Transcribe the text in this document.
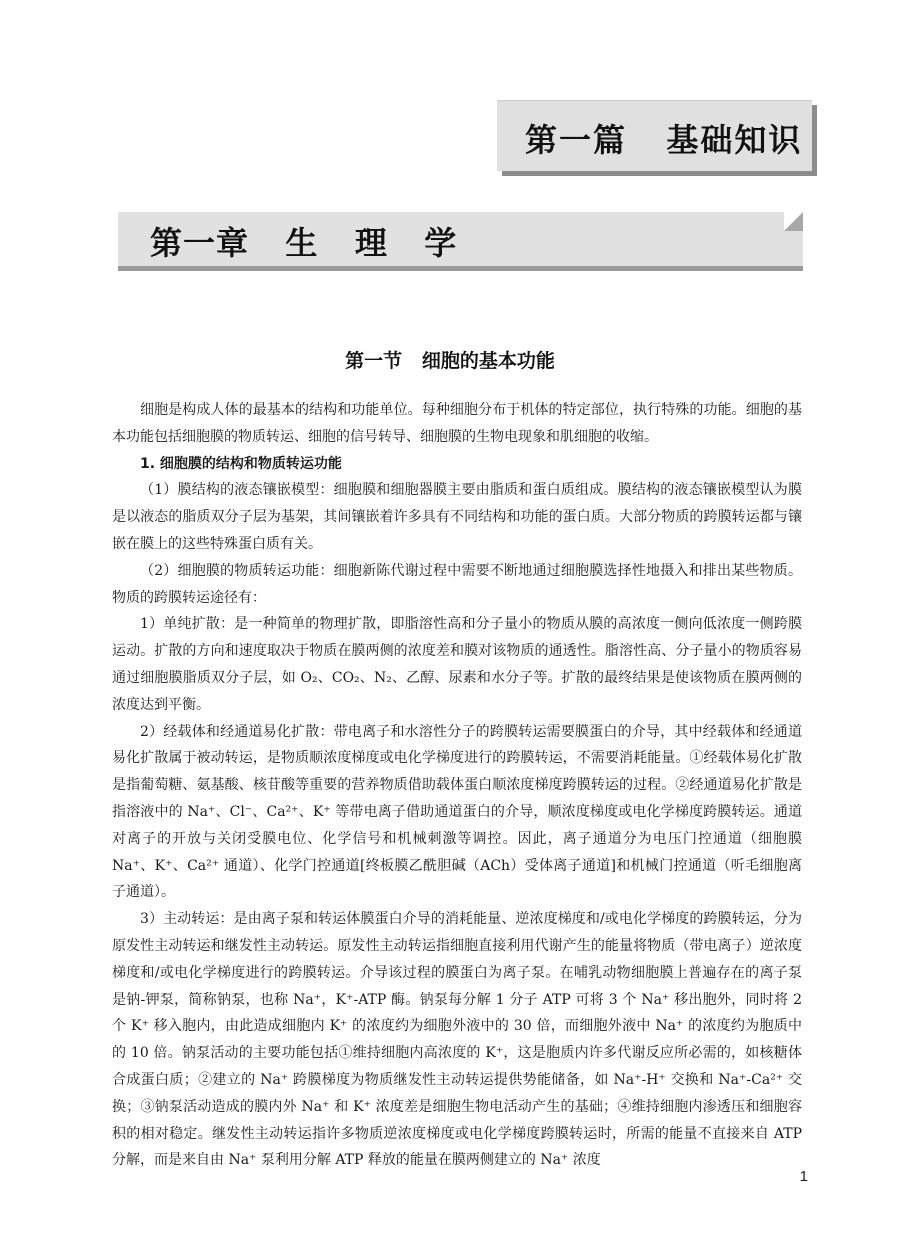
第一篇   基础知识
第一章   生   理   学
第一节   细胞的基本功能

细胞是构成人体的最基本的结构和功能单位。每种细胞分布于机体的特定部位，执行特殊的功能。细胞的基本功能包括细胞膜的物质转运、细胞的信号转导、细胞膜的生物电现象和肌细胞的收缩。

1. 细胞膜的结构和物质转运功能

（1）膜结构的液态镶嵌模型：细胞膜和细胞器膜主要由脂质和蛋白质组成。膜结构的液态镶嵌模型认为膜是以液态的脂质双分子层为基架，其间镶嵌着许多具有不同结构和功能的蛋白质。大部分物质的跨膜转运都与镶嵌在膜上的这些特殊蛋白质有关。

（2）细胞膜的物质转运功能：细胞新陈代谢过程中需要不断地通过细胞膜选择性地摄入和排出某些物质。物质的跨膜转运途径有：

1）单纯扩散：是一种简单的物理扩散，即脂溶性高和分子量小的物质从膜的高浓度一侧向低浓度一侧跨膜运动。扩散的方向和速度取决于物质在膜两侧的浓度差和膜对该物质的通透性。脂溶性高、分子量小的物质容易通过细胞膜脂质双分子层，如 O₂、CO₂、N₂、乙醇、尿素和水分子等。扩散的最终结果是使该物质在膜两侧的浓度达到平衡。

2）经载体和经通道易化扩散：带电离子和水溶性分子的跨膜转运需要膜蛋白的介导，其中经载体和经通道易化扩散属于被动转运，是物质顺浓度梯度或电化学梯度进行的跨膜转运，不需要消耗能量。①经载体易化扩散是指葡萄糖、氨基酸、核苷酸等重要的营养物质借助载体蛋白顺浓度梯度跨膜转运的过程。②经通道易化扩散是指溶液中的 Na⁺、Cl⁻、Ca²⁺、K⁺ 等带电离子借助通道蛋白的介导，顺浓度梯度或电化学梯度跨膜转运。通道对离子的开放与关闭受膜电位、化学信号和机械刺激等调控。因此，离子通道分为电压门控通道（细胞膜 Na⁺、K⁺、Ca²⁺ 通道）、化学门控通道[终板膜乙酰胆碱（ACh）受体离子通道]和机械门控通道（听毛细胞离子通道）。

3）主动转运：是由离子泵和转运体膜蛋白介导的消耗能量、逆浓度梯度和/或电化学梯度的跨膜转运，分为原发性主动转运和继发性主动转运。原发性主动转运指细胞直接利用代谢产生的能量将物质（带电离子）逆浓度梯度和/或电化学梯度进行的跨膜转运。介导该过程的膜蛋白为离子泵。在哺乳动物细胞膜上普遍存在的离子泵是钠-钾泵，简称钠泵，也称 Na⁺，K⁺-ATP 酶。钠泵每分解 1 分子 ATP 可将 3 个 Na⁺ 移出胞外，同时将 2 个 K⁺ 移入胞内，由此造成细胞内 K⁺ 的浓度约为细胞外液中的 30 倍，而细胞外液中 Na⁺ 的浓度约为胞质中的 10 倍。钠泵活动的主要功能包括①维持细胞内高浓度的 K⁺，这是胞质内许多代谢反应所必需的，如核糖体合成蛋白质；②建立的 Na⁺ 跨膜梯度为物质继发性主动转运提供势能储备，如 Na⁺-H⁺ 交换和 Na⁺-Ca²⁺ 交换；③钠泵活动造成的膜内外 Na⁺ 和 K⁺ 浓度差是细胞生物电活动产生的基础；④维持细胞内渗透压和细胞容积的相对稳定。继发性主动转运指许多物质逆浓度梯度或电化学梯度跨膜转运时，所需的能量不直接来自 ATP 分解，而是来自由 Na⁺ 泵利用分解 ATP 释放的能量在膜两侧建立的 Na⁺ 浓度

1
